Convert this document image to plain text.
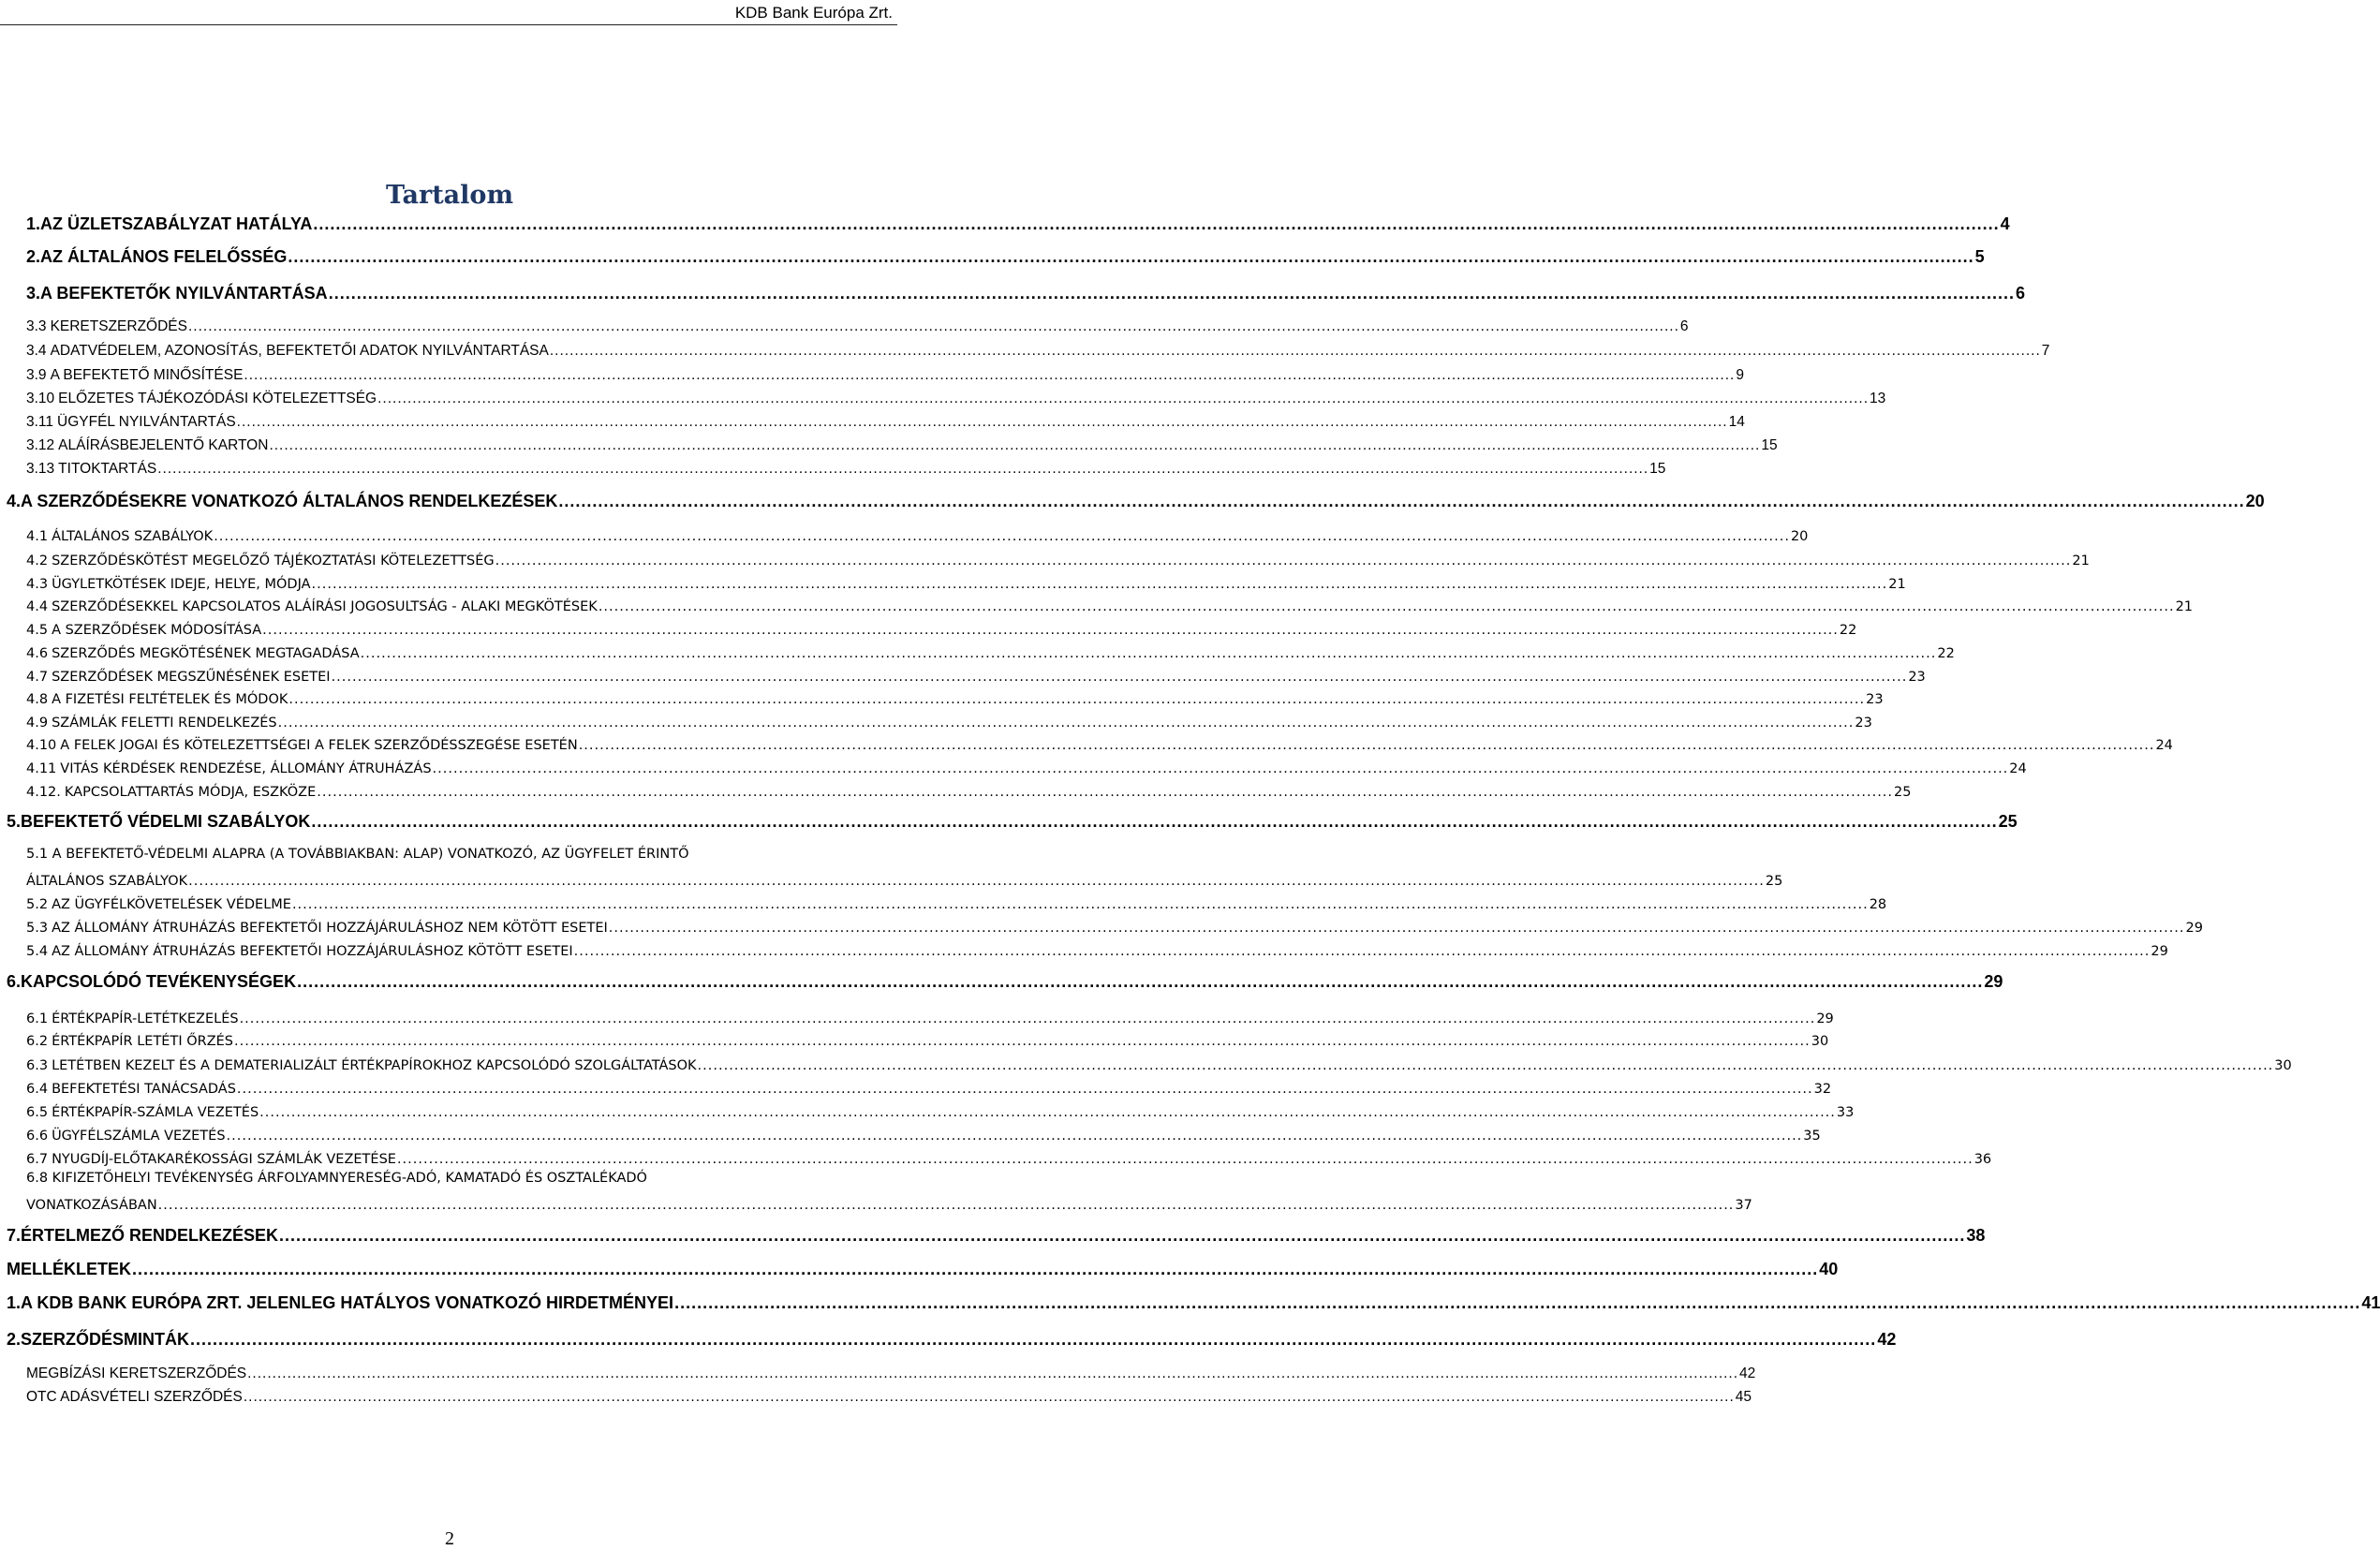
KDB Bank Európa Zrt.
Tartalom
1. AZ ÜZLETSZABÁLYZAT HATÁLYA ............................................................................................................................................................................................................................................................................................................ 4
2. AZ ÁLTALÁNOS FELELŐSSÉG ............................................................................................................................................................................................................................................................................................................ 5
3. A BEFEKTETŐK NYILVÁNTARTÁSA ............................................................................................................................................................................................................................................................................................................ 6
3.3 KERETSZERZŐDÉS ............................................................................................................................................................................................................................................................................................................ 6
3.4 ADATVÉDELEM, AZONOSÍTÁS, BEFEKTETŐI ADATOK NYILVÁNTARTÁSA ............................................................................................................................................................................................................................................................................................................ 7
3.9 A BEFEKTETŐ MINŐSÍTÉSE ............................................................................................................................................................................................................................................................................................................ 9
3.10 ELŐZETES TÁJÉKOZÓDÁSI KÖTELEZETTSÉG ............................................................................................................................................................................................................................................................................................................ 13
3.11 ÜGYFÉL NYILVÁNTARTÁS ............................................................................................................................................................................................................................................................................................................ 14
3.12 ALÁÍRÁSBEJELENTŐ KARTON ............................................................................................................................................................................................................................................................................................................ 15
3.13 TITOKTARTÁS ............................................................................................................................................................................................................................................................................................................ 15
4. A SZERZŐDÉSEKRE VONATKOZÓ ÁLTALÁNOS RENDELKEZÉSEK ............................................................................................................................................................................................................................................................................................................ 20
4.1 ÁLTALÁNOS SZABÁLYOK ............................................................................................................................................................................................................................................................................................................ 20
4.2 SZERZŐDÉSKÖTÉST MEGELŐZŐ TÁJÉKOZTATÁSI KÖTELEZETTSÉG ............................................................................................................................................................................................................................................................................................................ 21
4.3 ÜGYLETKÖTÉSEK IDEJE, HELYE, MÓDJA ............................................................................................................................................................................................................................................................................................................ 21
4.4 SZERZŐDÉSEKKEL KAPCSOLATOS ALÁÍRÁSI JOGOSULTSÁG - ALAKI MEGKÖTÉSEK ............................................................................................................................................................................................................................................................................................................ 21
4.5 A SZERZŐDÉSEK MÓDOSÍTÁSA ............................................................................................................................................................................................................................................................................................................ 22
4.6 SZERZŐDÉS MEGKÖTÉSÉNEK MEGTAGADÁSA ............................................................................................................................................................................................................................................................................................................ 22
4.7 SZERZŐDÉSEK MEGSZŰNÉSÉNEK ESETEI ............................................................................................................................................................................................................................................................................................................ 23
4.8 A FIZETÉSI FELTÉTELEK ÉS MÓDOK ............................................................................................................................................................................................................................................................................................................ 23
4.9 SZÁMLÁK FELETTI RENDELKEZÉS ............................................................................................................................................................................................................................................................................................................ 23
4.10 A FELEK JOGAI ÉS KÖTELEZETTSÉGEI A FELEK SZERZŐDÉSSZEGÉSE ESETÉN ............................................................................................................................................................................................................................................................................................................ 24
4.11 VITÁS KÉRDÉSEK RENDEZÉSE, ÁLLOMÁNY ÁTRUHÁZÁS ............................................................................................................................................................................................................................................................................................................ 24
4.12. KAPCSOLATTARTÁS MÓDJA, ESZKÖZE ............................................................................................................................................................................................................................................................................................................ 25
5. BEFEKTETŐ VÉDELMI SZABÁLYOK ............................................................................................................................................................................................................................................................................................................ 25
5.1 A BEFEKTETŐ-VÉDELMI ALAPRA (A TOVÁBBIAKBAN: ALAP) VONATKOZÓ, AZ ÜGYFELET ÉRINTŐ
ÁLTALÁNOS SZABÁLYOK ............................................................................................................................................................................................................................................................................................................ 25
5.2 AZ ÜGYFÉLKÖVETELÉSEK VÉDELME ............................................................................................................................................................................................................................................................................................................ 28
5.3 AZ ÁLLOMÁNY ÁTRUHÁZÁS BEFEKTETŐI HOZZÁJÁRULÁSHOZ NEM KÖTÖTT ESETEI ............................................................................................................................................................................................................................................................................................................ 29
5.4 AZ ÁLLOMÁNY ÁTRUHÁZÁS BEFEKTETŐI HOZZÁJÁRULÁSHOZ KÖTÖTT ESETEI ............................................................................................................................................................................................................................................................................................................ 29
6. KAPCSOLÓDÓ TEVÉKENYSÉGEK ............................................................................................................................................................................................................................................................................................................ 29
6.1 ÉRTÉKPAPÍR-LETÉTKEZELÉS ............................................................................................................................................................................................................................................................................................................ 29
6.2 ÉRTÉKPAPÍR LETÉTI ŐRZÉS ............................................................................................................................................................................................................................................................................................................ 30
6.3 LETÉTBEN KEZELT ÉS A DEMATERIALIZÁLT ÉRTÉKPAPÍROKHOZ KAPCSOLÓDÓ SZOLGÁLTATÁSOK ............................................................................................................................................................................................................................................................................................................ 30
6.4 BEFEKTETÉSI TANÁCSADÁS ............................................................................................................................................................................................................................................................................................................ 32
6.5 ÉRTÉKPAPÍR-SZÁMLA VEZETÉS ............................................................................................................................................................................................................................................................................................................ 33
6.6 ÜGYFÉLSZÁMLA VEZETÉS ............................................................................................................................................................................................................................................................................................................ 35
6.7 NYUGDÍJ-ELŐTAKARÉKOSSÁGI SZÁMLÁK VEZETÉSE ............................................................................................................................................................................................................................................................................................................ 36
6.8 KIFIZETŐHELYI TEVÉKENYSÉG ÁRFOLYAMNYERESÉG-ADÓ, KAMATADÓ ÉS OSZTALÉKADÓ
VONATKOZÁSÁBAN ............................................................................................................................................................................................................................................................................................................ 37
7. ÉRTELMEZŐ RENDELKEZÉSEK ............................................................................................................................................................................................................................................................................................................ 38
MELLÉKLETEK ............................................................................................................................................................................................................................................................................................................ 40
1. A KDB BANK EURÓPA ZRT. JELENLEG HATÁLYOS VONATKOZÓ HIRDETMÉNYEI ............................................................................................................................................................................................................................................................................................................ 41
2. SZERZŐDÉSMINTÁK ............................................................................................................................................................................................................................................................................................................ 42
MEGBÍZÁSI KERETSZERZŐDÉS ............................................................................................................................................................................................................................................................................................................ 42
OTC ADÁSVÉTELI SZERZŐDÉS ............................................................................................................................................................................................................................................................................................................ 45
2
